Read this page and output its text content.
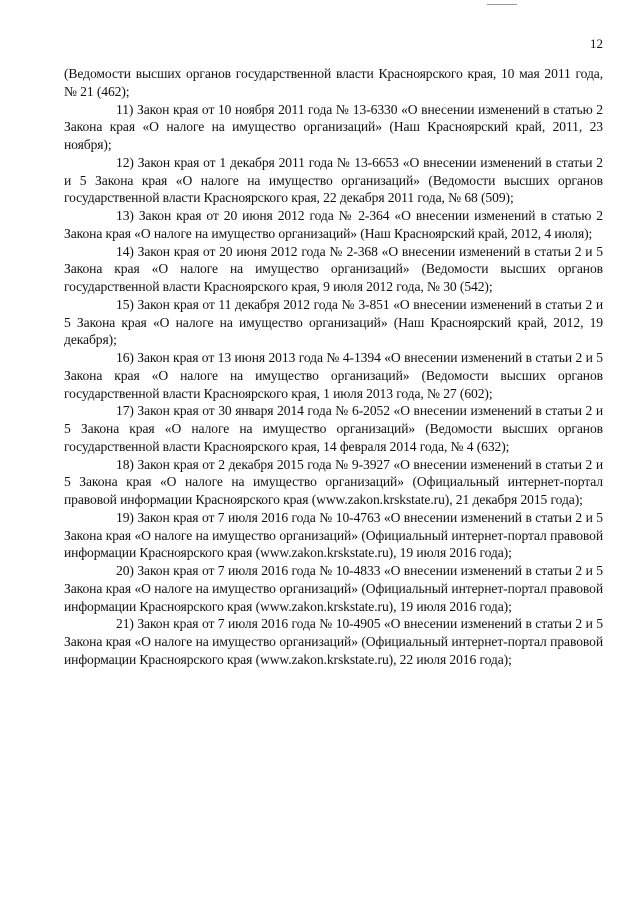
12

(Ведомости высших органов государственной власти Красноярского края, 10 мая 2011 года, № 21 (462);

11) Закон края от 10 ноября 2011 года № 13-6330 «О внесении изменений в статью 2 Закона края «О налоге на имущество организаций» (Наш Красноярский край, 2011, 23 ноября);

12) Закон края от 1 декабря 2011 года № 13-6653 «О внесении изменений в статьи 2 и 5 Закона края «О налоге на имущество организаций» (Ведомости высших органов государственной власти Красноярского края, 22 декабря 2011 года, № 68 (509);

13) Закон края от 20 июня 2012 года № 2-364 «О внесении изменений в статью 2 Закона края «О налоге на имущество организаций» (Наш Красноярский край, 2012, 4 июля);

14) Закон края от 20 июня 2012 года № 2-368 «О внесении изменений в статьи 2 и 5 Закона края «О налоге на имущество организаций» (Ведомости высших органов государственной власти Красноярского края, 9 июля 2012 года, № 30 (542);

15) Закон края от 11 декабря 2012 года № 3-851 «О внесении изменений в статьи 2 и 5 Закона края «О налоге на имущество организаций» (Наш Красноярский край, 2012, 19 декабря);

16) Закон края от 13 июня 2013 года № 4-1394 «О внесении изменений в статьи 2 и 5 Закона края «О налоге на имущество организаций» (Ведомости высших органов государственной власти Красноярского края, 1 июля 2013 года, № 27 (602);

17) Закон края от 30 января 2014 года № 6-2052 «О внесении изменений в статьи 2 и 5 Закона края «О налоге на имущество организаций» (Ведомости высших органов государственной власти Красноярского края, 14 февраля 2014 года, № 4 (632);

18) Закон края от 2 декабря 2015 года № 9-3927 «О внесении изменений в статьи 2 и 5 Закона края «О налоге на имущество организаций» (Официальный интернет-портал правовой информации Красноярского края (www.zakon.krskstate.ru), 21 декабря 2015 года);

19) Закон края от 7 июля 2016 года № 10-4763 «О внесении изменений в статьи 2 и 5 Закона края «О налоге на имущество организаций» (Официальный интернет-портал правовой информации Красноярского края (www.zakon.krskstate.ru), 19 июля 2016 года);

20) Закон края от 7 июля 2016 года № 10-4833 «О внесении изменений в статьи 2 и 5 Закона края «О налоге на имущество организаций» (Официальный интернет-портал правовой информации Красноярского края (www.zakon.krskstate.ru), 19 июля 2016 года);

21) Закон края от 7 июля 2016 года № 10-4905 «О внесении изменений в статьи 2 и 5 Закона края «О налоге на имущество организаций» (Официальный интернет-портал правовой информации Красноярского края (www.zakon.krskstate.ru), 22 июля 2016 года);
